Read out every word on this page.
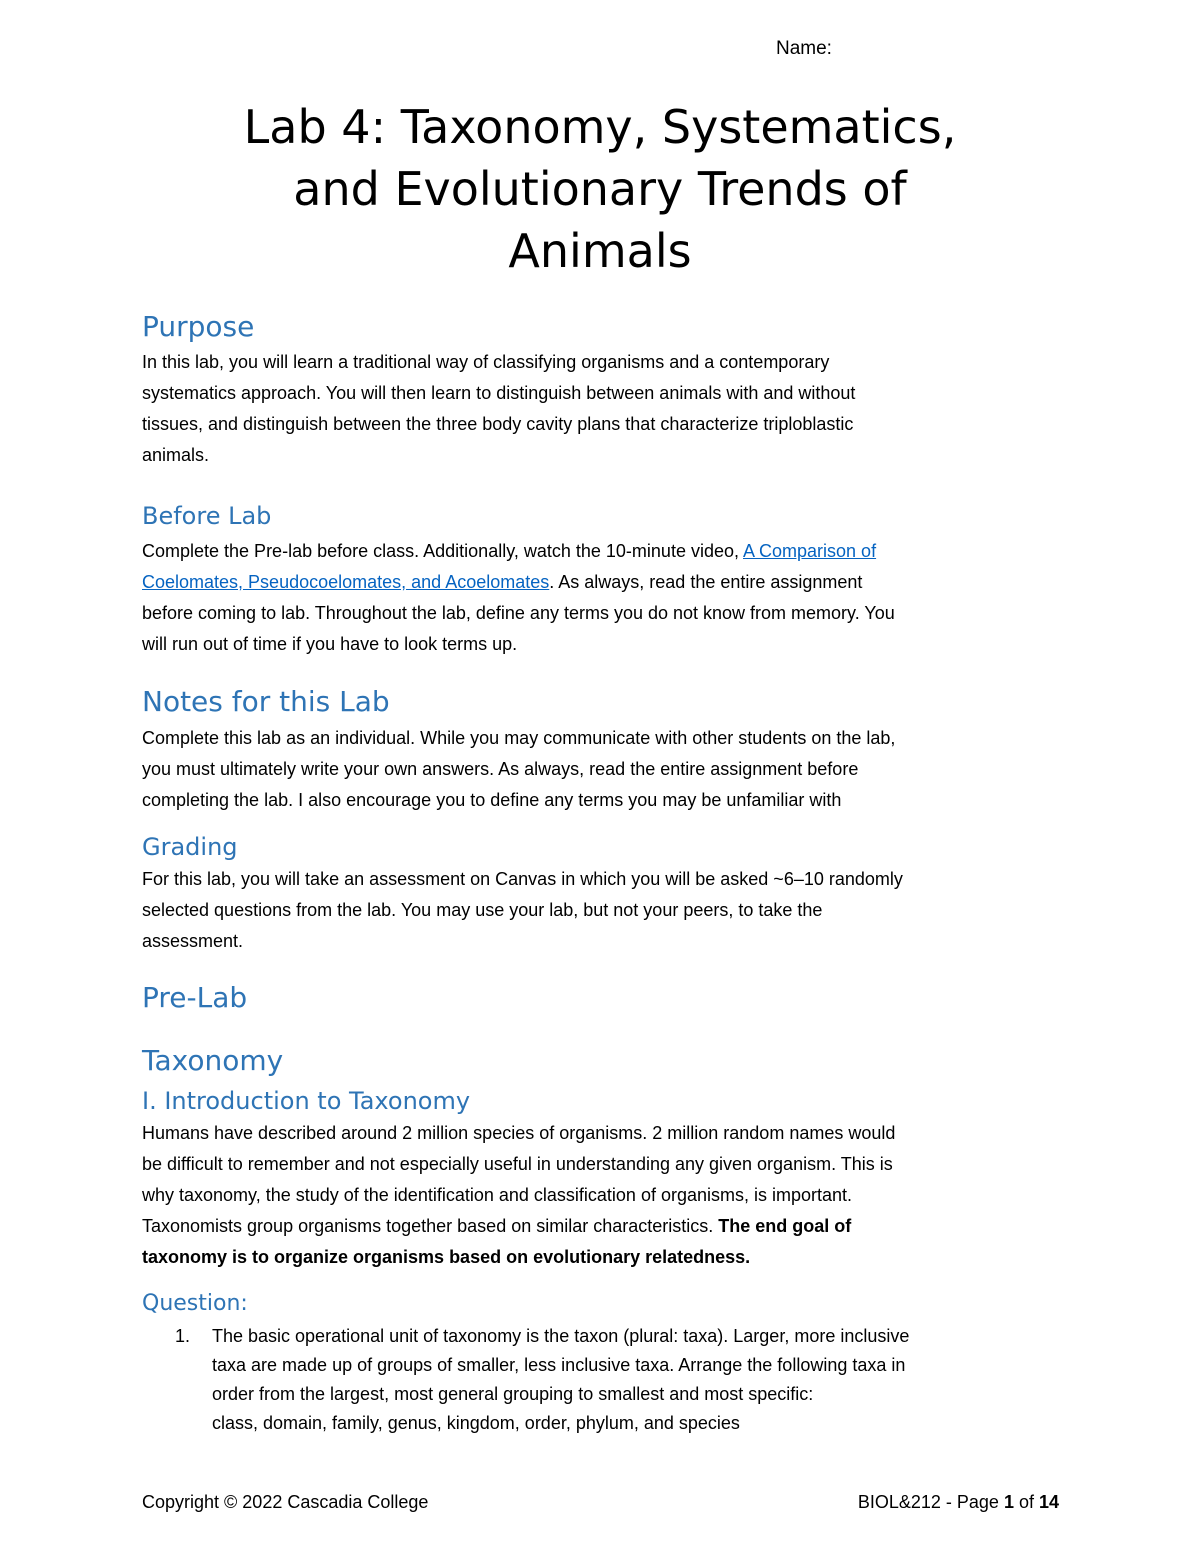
Name:
Lab 4: Taxonomy, Systematics,
and Evolutionary Trends of
Animals
Purpose
In this lab, you will learn a traditional way of classifying organisms and a contemporary
systematics approach. You will then learn to distinguish between animals with and without
tissues, and distinguish between the three body cavity plans that characterize triploblastic
animals.
Before Lab
Complete the Pre-lab before class. Additionally, watch the 10-minute video, A Comparison of
Coelomates, Pseudocoelomates, and Acoelomates. As always, read the entire assignment
before coming to lab. Throughout the lab, define any terms you do not know from memory. You
will run out of time if you have to look terms up.
Notes for this Lab
Complete this lab as an individual. While you may communicate with other students on the lab,
you must ultimately write your own answers. As always, read the entire assignment before
completing the lab. I also encourage you to define any terms you may be unfamiliar with
Grading
For this lab, you will take an assessment on Canvas in which you will be asked ~6–10 randomly
selected questions from the lab. You may use your lab, but not your peers, to take the
assessment.
Pre-Lab
Taxonomy
I. Introduction to Taxonomy
Humans have described around 2 million species of organisms. 2 million random names would
be difficult to remember and not especially useful in understanding any given organism. This is
why taxonomy, the study of the identification and classification of organisms, is important.
Taxonomists group organisms together based on similar characteristics. The end goal of
taxonomy is to organize organisms based on evolutionary relatedness.
Question:
1. The basic operational unit of taxonomy is the taxon (plural: taxa). Larger, more inclusive
taxa are made up of groups of smaller, less inclusive taxa. Arrange the following taxa in
order from the largest, most general grouping to smallest and most specific:
class, domain, family, genus, kingdom, order, phylum, and species
Copyright © 2022 Cascadia College	BIOL&212 - Page 1 of 14
